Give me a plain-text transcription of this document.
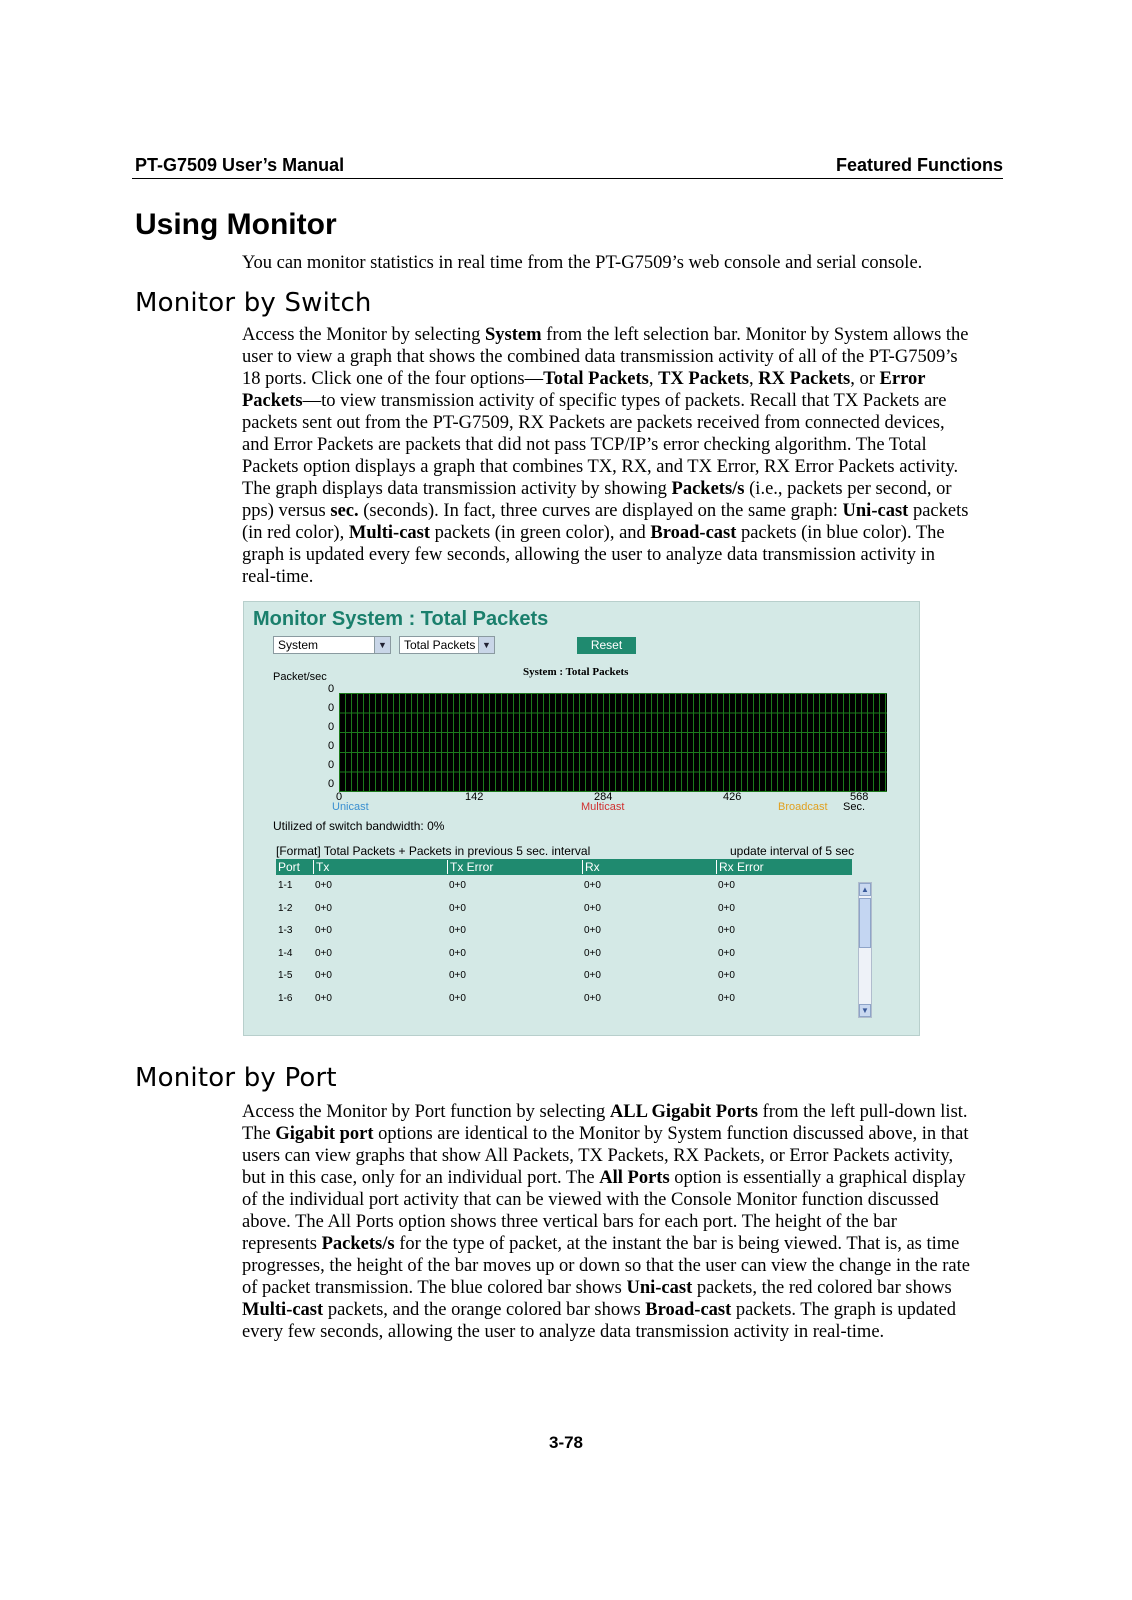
PT-G7509 User’s Manual	Featured Functions
Using Monitor
You can monitor statistics in real time from the PT-G7509’s web console and serial console.
Monitor by Switch
Access the Monitor by selecting System from the left selection bar. Monitor by System allows the
user to view a graph that shows the combined data transmission activity of all of the PT-G7509’s
18 ports. Click one of the four options—Total Packets, TX Packets, RX Packets, or Error
Packets—to view transmission activity of specific types of packets. Recall that TX Packets are
packets sent out from the PT-G7509, RX Packets are packets received from connected devices,
and Error Packets are packets that did not pass TCP/IP’s error checking algorithm. The Total
Packets option displays a graph that combines TX, RX, and TX Error, RX Error Packets activity.
The graph displays data transmission activity by showing Packets/s (i.e., packets per second, or
pps) versus sec. (seconds). In fact, three curves are displayed on the same graph: Uni-cast packets
(in red color), Multi-cast packets (in green color), and Broad-cast packets (in blue color). The
graph is updated every few seconds, allowing the user to analyze data transmission activity in
real-time.
Monitor System : Total Packets
System	▼	Total Packets ▼	Reset
System : Total Packets
Packet/sec
0
0
0
0
0
0
0	142	284	426	568
Unicast	Multicast	Broadcast Sec.
Utilized of switch bandwidth: 0%
[Format] Total Packets + Packets in previous 5 sec. interval	update interval of 5 sec
Port Tx	Tx Error	Rx	Rx Error
1-1 0+0	0+0	0+0	0+0
1-2 0+0	0+0	0+0	0+0
1-3 0+0	0+0	0+0	0+0
1-4 0+0	0+0	0+0	0+0
1-5 0+0	0+0	0+0	0+0
1-6 0+0	0+0	0+0	0+0
▲
▼
Monitor by Port
Access the Monitor by Port function by selecting ALL Gigabit Ports from the left pull-down list.
The Gigabit port options are identical to the Monitor by System function discussed above, in that
users can view graphs that show All Packets, TX Packets, RX Packets, or Error Packets activity,
but in this case, only for an individual port. The All Ports option is essentially a graphical display
of the individual port activity that can be viewed with the Console Monitor function discussed
above. The All Ports option shows three vertical bars for each port. The height of the bar
represents Packets/s for the type of packet, at the instant the bar is being viewed. That is, as time
progresses, the height of the bar moves up or down so that the user can view the change in the rate
of packet transmission. The blue colored bar shows Uni-cast packets, the red colored bar shows
Multi-cast packets, and the orange colored bar shows Broad-cast packets. The graph is updated
every few seconds, allowing the user to analyze data transmission activity in real-time.
3-78
